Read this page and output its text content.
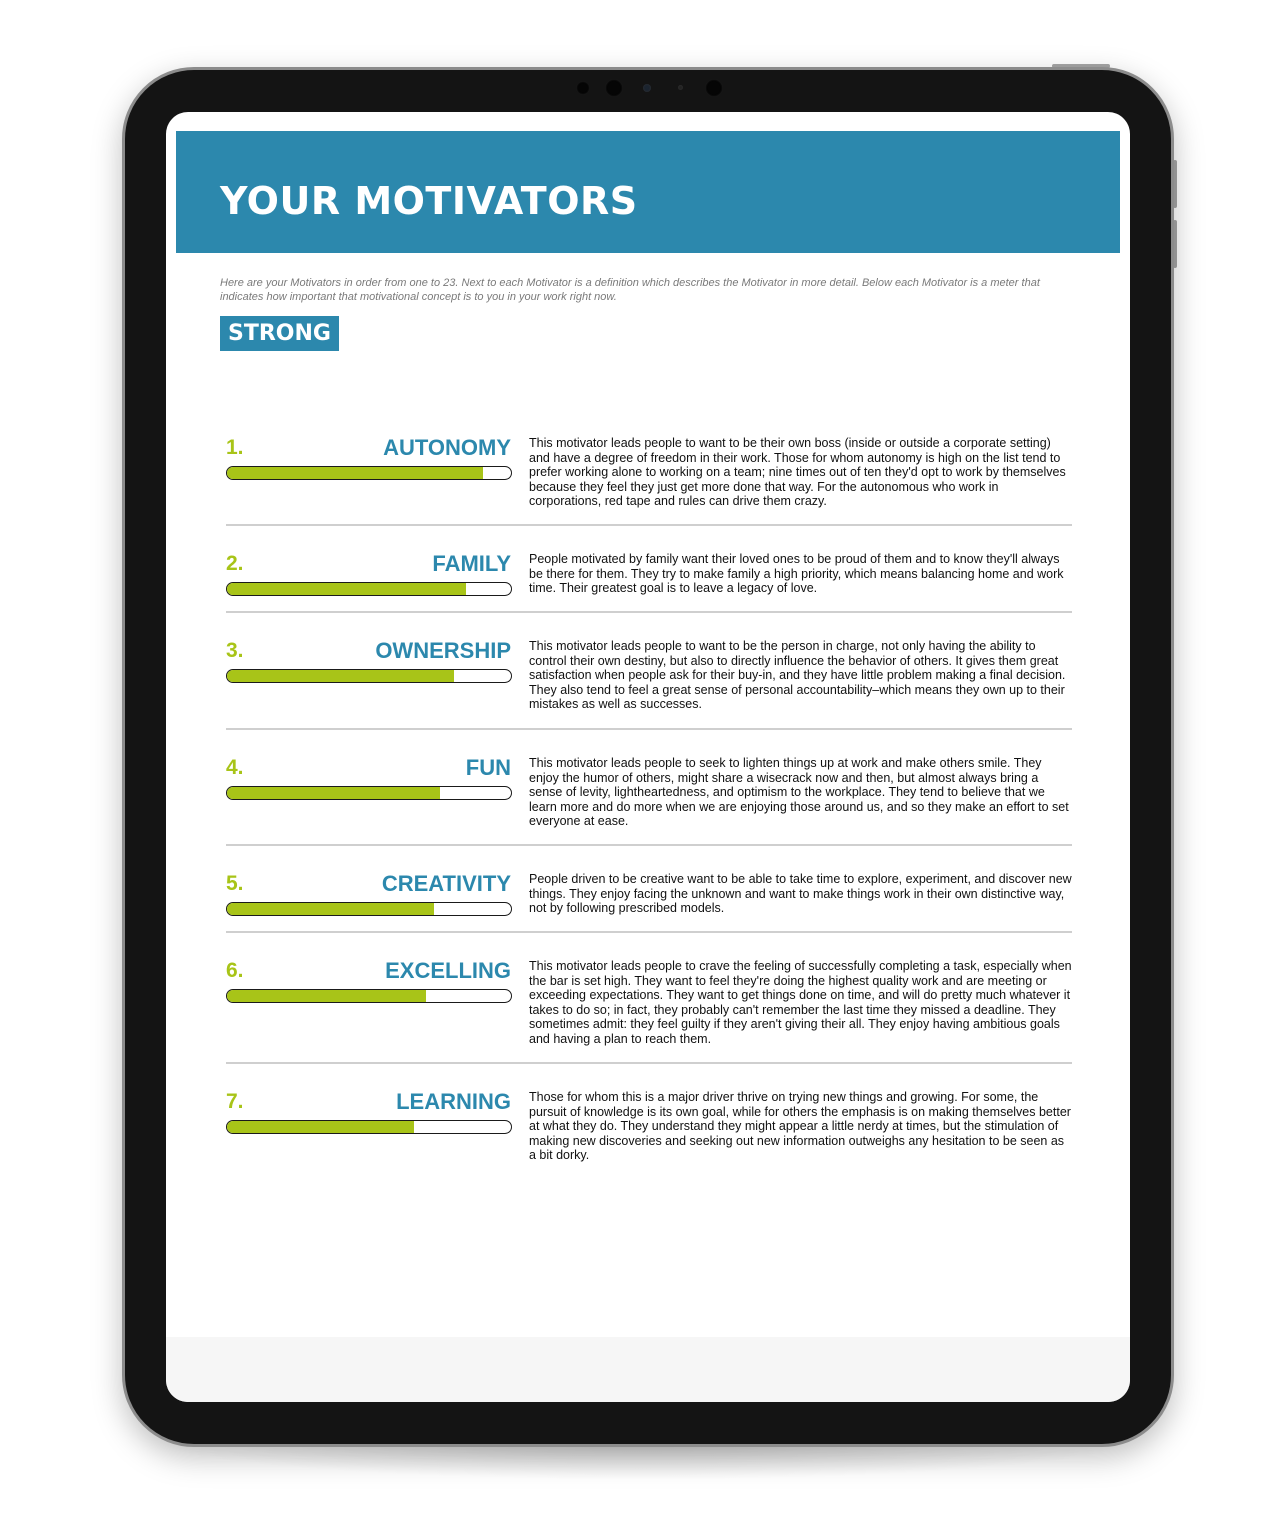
YOUR MOTIVATORS
Here are your Motivators in order from one to 23. Next to each Motivator is a definition which describes the Motivator in more detail. Below each Motivator is a meter that indicates how important that motivational concept is to you in your work right now.
STRONG
1.	AUTONOMY This motivator leads people to want to be their own boss (inside or outside a corporate setting) and have a degree of freedom in their work. Those for whom autonomy is high on the list tend to prefer working alone to working on a team; nine times out of ten they'd opt to work by themselves because they feel they just get more done that way. For the autonomous who work in corporations, red tape and rules can drive them crazy.
2.	FAMILY People motivated by family want their loved ones to be proud of them and to know they'll always be there for them. They try to make family a high priority, which means balancing home and work time. Their greatest goal is to leave a legacy of love.
3.	OWNERSHIP This motivator leads people to want to be the person in charge, not only having the ability to control their own destiny, but also to directly influence the behavior of others. It gives them great satisfaction when people ask for their buy-in, and they have little problem making a final decision. They also tend to feel a great sense of personal accountability–which means they own up to their mistakes as well as successes.
4.	FUN This motivator leads people to seek to lighten things up at work and make others smile. They enjoy the humor of others, might share a wisecrack now and then, but almost always bring a sense of levity, lightheartedness, and optimism to the workplace. They tend to believe that we learn more and do more when we are enjoying those around us, and so they make an effort to set everyone at ease.
5.	CREATIVITY People driven to be creative want to be able to take time to explore, experiment, and discover new things. They enjoy facing the unknown and want to make things work in their own distinctive way, not by following prescribed models.
6.	EXCELLING This motivator leads people to crave the feeling of successfully completing a task, especially when the bar is set high. They want to feel they're doing the highest quality work and are meeting or exceeding expectations. They want to get things done on time, and will do pretty much whatever it takes to do so; in fact, they probably can't remember the last time they missed a deadline. They sometimes admit: they feel guilty if they aren't giving their all. They enjoy having ambitious goals and having a plan to reach them.
7.	LEARNING Those for whom this is a major driver thrive on trying new things and growing. For some, the pursuit of knowledge is its own goal, while for others the emphasis is on making themselves better at what they do. They understand they might appear a little nerdy at times, but the stimulation of making new discoveries and seeking out new information outweighs any hesitation to be seen as a bit dorky.
